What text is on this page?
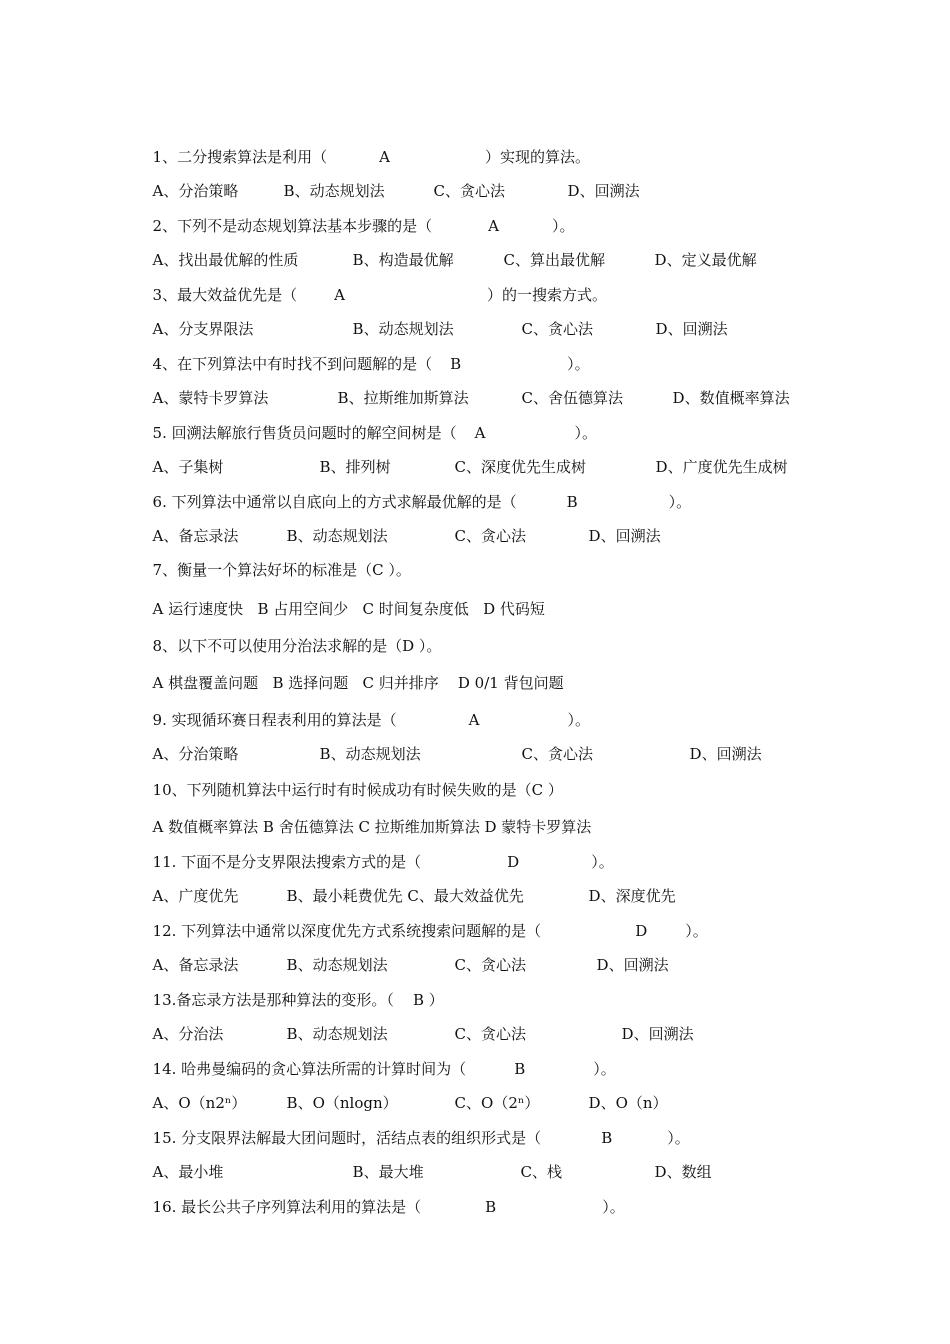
1、二分搜索算法是利用（	A	）实现的算法。

A、分治策略	B、动态规划法	C、贪心法	D、回溯法

2、下列不是动态规划算法基本步骤的是（	A	）。

A、找出最优解的性质	B、构造最优解	C、算出最优解	D、定义最优解

3、最大效益优先是（ A	）的一搜索方式。

A、分支界限法	B、动态规划法	C、贪心法	D、回溯法

4、在下列算法中有时找不到问题解的是（ B	）。

A、蒙特卡罗算法	B、拉斯维加斯算法	C、舍伍德算法	D、数值概率算法

5. 回溯法解旅行售货员问题时的解空间树是（ A	）。

A、子集树	B、排列树	C、深度优先生成树	D、广度优先生成树

6. 下列算法中通常以自底向上的方式求解最优解的是（	B	）。

A、备忘录法	B、动态规划法	C、贪心法	D、回溯法

7、衡量一个算法好坏的标准是（C ）。

A 运行速度快   B 占用空间少   C 时间复杂度低   D 代码短

8、以下不可以使用分治法求解的是（D ）。

A 棋盘覆盖问题   B 选择问题   C 归并排序    D 0/1 背包问题

9. 实现循环赛日程表利用的算法是（	A	）。

A、分治策略	B、动态规划法	C、贪心法	D、回溯法

10、下列随机算法中运行时有时候成功有时候失败的是（C ）

A 数值概率算法 B 舍伍德算法 C 拉斯维加斯算法 D 蒙特卡罗算法

11. 下面不是分支界限法搜索方式的是（	D	）。

A、广度优先	B、最小耗费优先 C、最大效益优先	D、深度优先

12. 下列算法中通常以深度优先方式系统搜索问题解的是（	D	）。

A、备忘录法	B、动态规划法	C、贪心法	D、回溯法

13.备忘录方法是那种算法的变形。（    B ）

A、分治法	B、动态规划法	C、贪心法	D、回溯法

14. 哈弗曼编码的贪心算法所需的计算时间为（	B	）。

A、O（n2ⁿ）	B、O（nlogn）	C、O（2ⁿ）	D、O（n）

15. 分支限界法解最大团问题时，活结点表的组织形式是（	B	）。

A、最小堆	B、最大堆	C、栈	D、数组

16. 最长公共子序列算法利用的算法是（	B	）。
